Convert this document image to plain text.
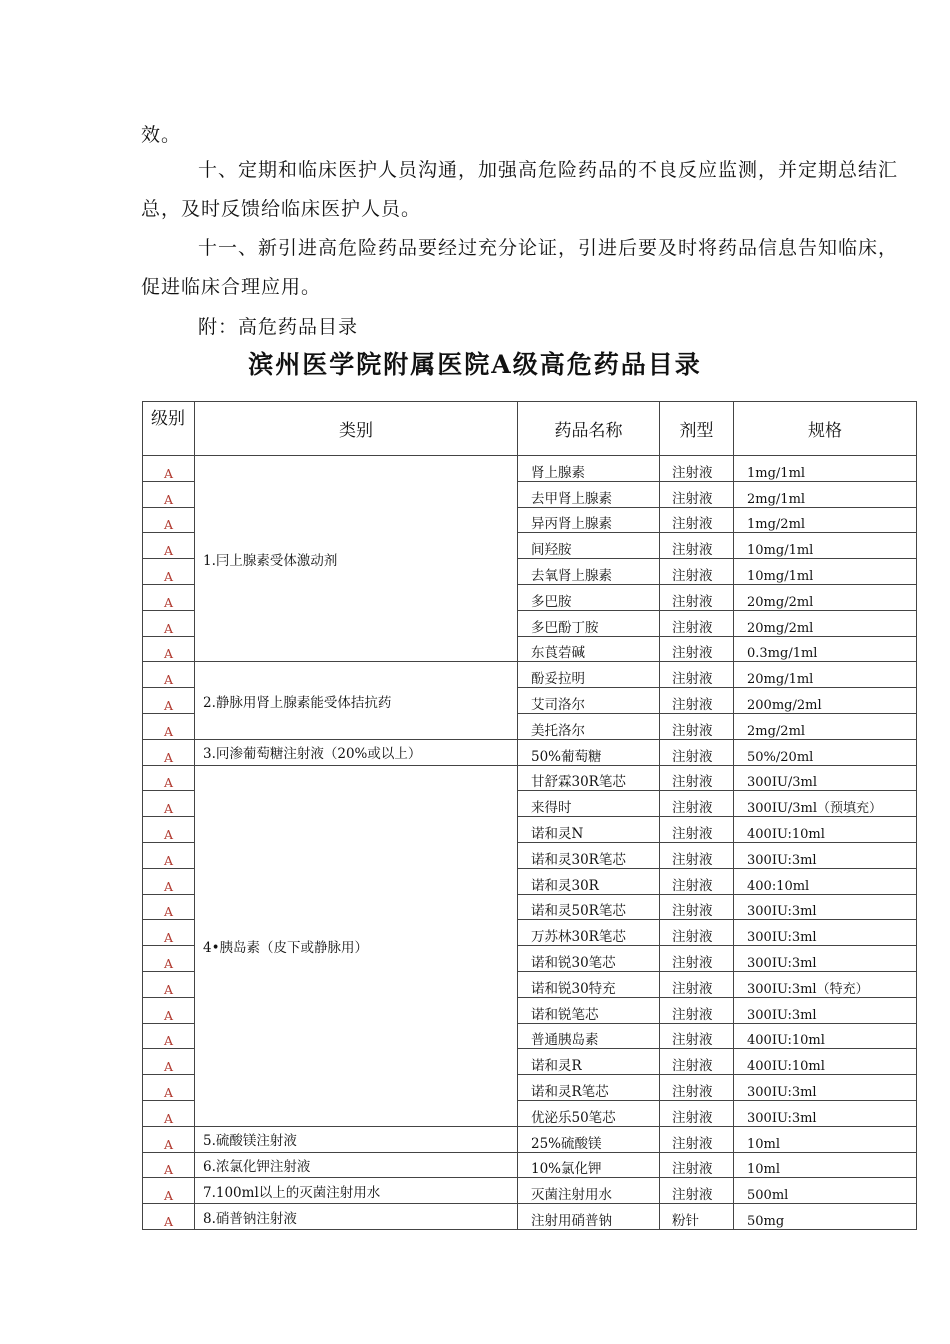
效。

十、定期和临床医护人员沟通，加强高危险药品的不良反应监测，并定期总结汇总，及时反馈给临床医护人员。

十一、新引进高危险药品要经过充分论证，引进后要及时将药品信息告知临床，促进临床合理应用。

附：高危药品目录

滨州医学院附属医院A级高危药品目录
级别	类别	药品名称	剂型	规格
A	1.冃上腺素受体激动剂	肾上腺素	注射液	1mg/1ml
A		去甲肾上腺素	注射液	2mg/1ml
A		异丙肾上腺素	注射液	1mg/2ml
A		间羟胺	注射液	10mg/1ml
A		去氧肾上腺素	注射液	10mg/1ml
A		多巴胺	注射液	20mg/2ml
A		多巴酚丁胺	注射液	20mg/2ml
A		东莨菪碱	注射液	0.3mg/1ml
A	2.静脉用肾上腺素能受体拮抗药	酚妥拉明	注射液	20mg/1ml
A		艾司洛尔	注射液	200mg/2ml
A		美托洛尔	注射液	2mg/2ml
A	3.冋渗葡萄糖注射液（20%或以上）	50%葡萄糖	注射液	50%/20ml
A	4•胰岛素（皮下或静脉用）	甘舒霖30R笔芯	注射液	300IU/3ml
A		来得时	注射液	300IU/3ml（预填充）
A		诺和灵N	注射液	400IU:10ml
A		诺和灵30R笔芯	注射液	300IU:3ml
A		诺和灵30R	注射液	400:10ml
A		诺和灵50R笔芯	注射液	300IU:3ml
A		万苏林30R笔芯	注射液	300IU:3ml
A		诺和锐30笔芯	注射液	300IU:3ml
A		诺和锐30特充	注射液	300IU:3ml（特充）
A		诺和锐笔芯	注射液	300IU:3ml
A		普通胰岛素	注射液	400IU:10ml
A		诺和灵R	注射液	400IU:10ml
A		诺和灵R笔芯	注射液	300IU:3ml
A		优泌乐50笔芯	注射液	300IU:3ml
A	5.硫酸镁注射液	25%硫酸镁	注射液	10ml
A	6.浓氯化钾注射液	10%氯化钾	注射液	10ml
A	7.100ml以上的灭菌注射用水	灭菌注射用水	注射液	500ml
A	8.硝普钠注射液	注射用硝普钠	粉针	50mg
